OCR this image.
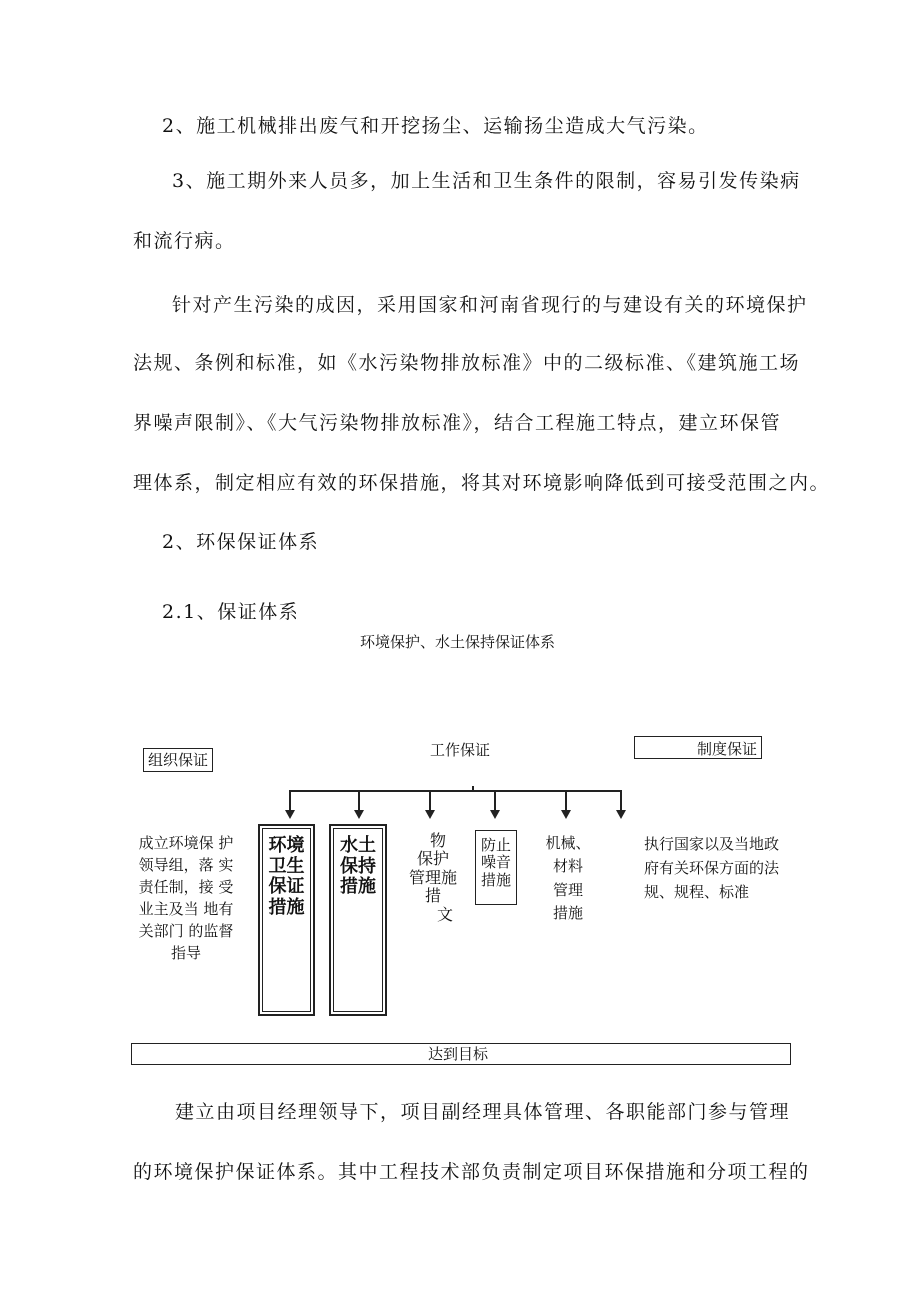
2、施工机械排出废气和开挖扬尘、运输扬尘造成大气污染。
3、施工期外来人员多，加上生活和卫生条件的限制，容易引发传染病
和流行病。
针对产生污染的成因，采用国家和河南省现行的与建设有关的环境保护
法规、条例和标准，如《水污染物排放标准》中的二级标准、《建筑施工场
界噪声限制》、《大气污染物排放标准》，结合工程施工特点，建立环保管
理体系，制定相应有效的环保措施，将其对环境影响降低到可接受范围之内。
2、环保保证体系
2.1、保证体系
环境保护、水土保持保证体系
组织保证
工作保证	制度保证
成立环境保 护
领导组，落 实
责任制，接 受
业主及当 地有
关部门 的监督
指导
环境
卫生
保证
措施
水土
保持
措施
物
保护
管理施
措
文
防止
噪音
措施
机械、
材料
管理
措施
执行国家以及当地政
府有关环保方面的法
规、规程、标准
达到目标
建立由项目经理领导下，项目副经理具体管理、各职能部门参与管理
的环境保护保证体系。其中工程技术部负责制定项目环保措施和分项工程的
